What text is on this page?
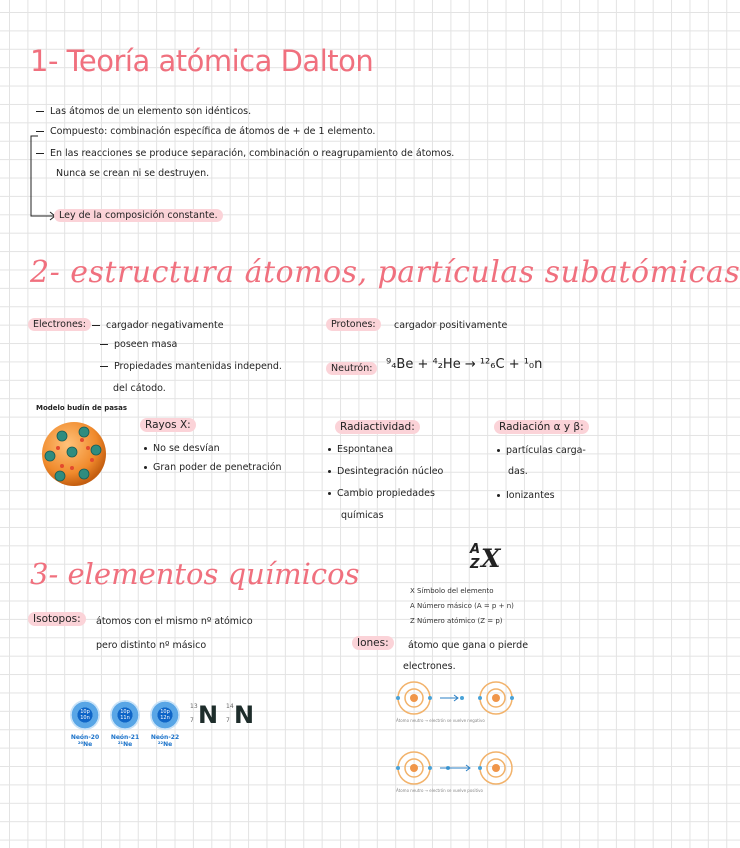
1- Teoría atómica Dalton
Las átomos de un elemento son idénticos.
Compuesto: combinación específica de átomos de + de 1 elemento.
En las reacciones se produce separación, combinación o reagrupamiento de átomos.
Nunca se crean ni se destruyen.
Ley de la composición constante.
2- estructura átomos, partículas subatómicas
Electrones:	cargador negativamente
poseen masa
Propiedades mantenidas independ.
del cátodo.
Protones:	cargador positivamente
Neutrón:	⁹₄Be + ⁴₂He → ¹²₆C + ¹₀n
Modelo budín de pasas
Rayos X:
No se desvían
Gran poder de penetración
Radiactividad:
Espontanea
Desintegración núcleo
Cambio propiedades
químicas
Radiación α y β:
partículas carga-
das.
Ionizantes
3- elementos químicos
A
Z X
X Símbolo del elemento
A Número másico (A = p + n)
Z Número atómico (Z = p)
Isotopos:	átomos con el mismo nº atómico
pero distinto nº másico	Iones:	átomo que gana o pierde
electrones.
10p
10n
10p
11n
10p
12n
Neón-20	Neón-21	Neón-22
²⁰Ne	²¹Ne	²²Ne
13
7 N 14
7 N	Átomo neutro → electrón se vuelve negativo
Átomo neutro → electrón se vuelve positivo
